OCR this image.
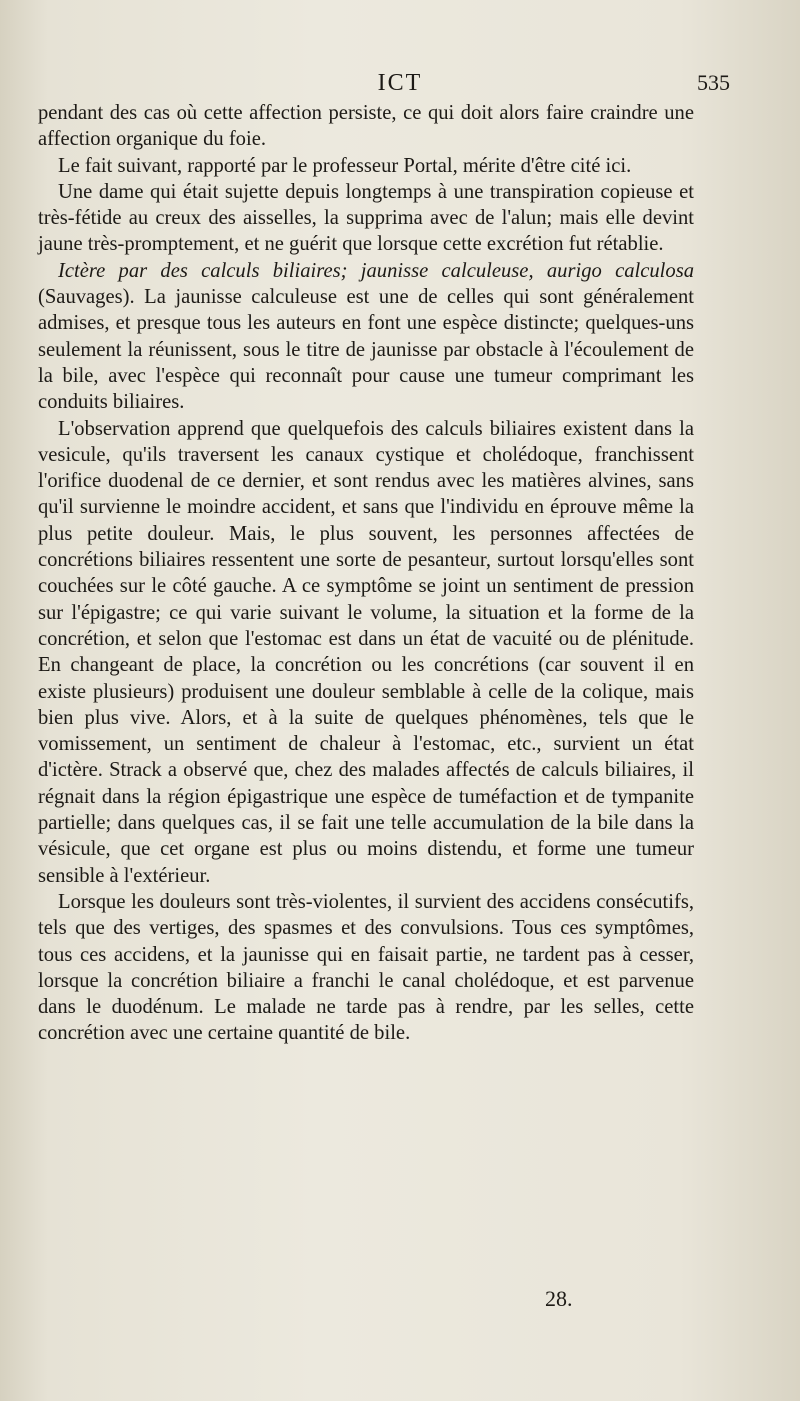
ICT	535

pendant des cas où cette affection persiste, ce qui doit alors faire craindre une affection organique du foie.

Le fait suivant, rapporté par le professeur Portal, mérite d'être cité ici.

Une dame qui était sujette depuis longtemps à une transpiration copieuse et très-fétide au creux des aisselles, la supprima avec de l'alun; mais elle devint jaune très-promptement, et ne guérit que lorsque cette excrétion fut rétablie.

Ictère par des calculs biliaires; jaunisse calculeuse, aurigo calculosa (Sauvages). La jaunisse calculeuse est une de celles qui sont généralement admises, et presque tous les auteurs en font une espèce distincte; quelques-uns seulement la réunissent, sous le titre de jaunisse par obstacle à l'écoulement de la bile, avec l'espèce qui reconnaît pour cause une tumeur comprimant les conduits biliaires.

L'observation apprend que quelquefois des calculs biliaires existent dans la vesicule, qu'ils traversent les canaux cystique et cholédoque, franchissent l'orifice duodenal de ce dernier, et sont rendus avec les matières alvines, sans qu'il survienne le moindre accident, et sans que l'individu en éprouve même la plus petite douleur. Mais, le plus souvent, les personnes affectées de concrétions biliaires ressentent une sorte de pesanteur, surtout lorsqu'elles sont couchées sur le côté gauche. A ce symptôme se joint un sentiment de pression sur l'épigastre; ce qui varie suivant le volume, la situation et la forme de la concrétion, et selon que l'estomac est dans un état de vacuité ou de plénitude. En changeant de place, la concrétion ou les concrétions (car souvent il en existe plusieurs) produisent une douleur semblable à celle de la colique, mais bien plus vive. Alors, et à la suite de quelques phénomènes, tels que le vomissement, un sentiment de chaleur à l'estomac, etc., survient un état d'ictère. Strack a observé que, chez des malades affectés de calculs biliaires, il régnait dans la région épigastrique une espèce de tuméfaction et de tympanite partielle; dans quelques cas, il se fait une telle accumulation de la bile dans la vésicule, que cet organe est plus ou moins distendu, et forme une tumeur sensible à l'extérieur.

Lorsque les douleurs sont très-violentes, il survient des accidens consécutifs, tels que des vertiges, des spasmes et des convulsions. Tous ces symptômes, tous ces accidens, et la jaunisse qui en faisait partie, ne tardent pas à cesser, lorsque la concrétion biliaire a franchi le canal cholédoque, et est parvenue dans le duodénum. Le malade ne tarde pas à rendre, par les selles, cette concrétion avec une certaine quantité de bile.

28.
